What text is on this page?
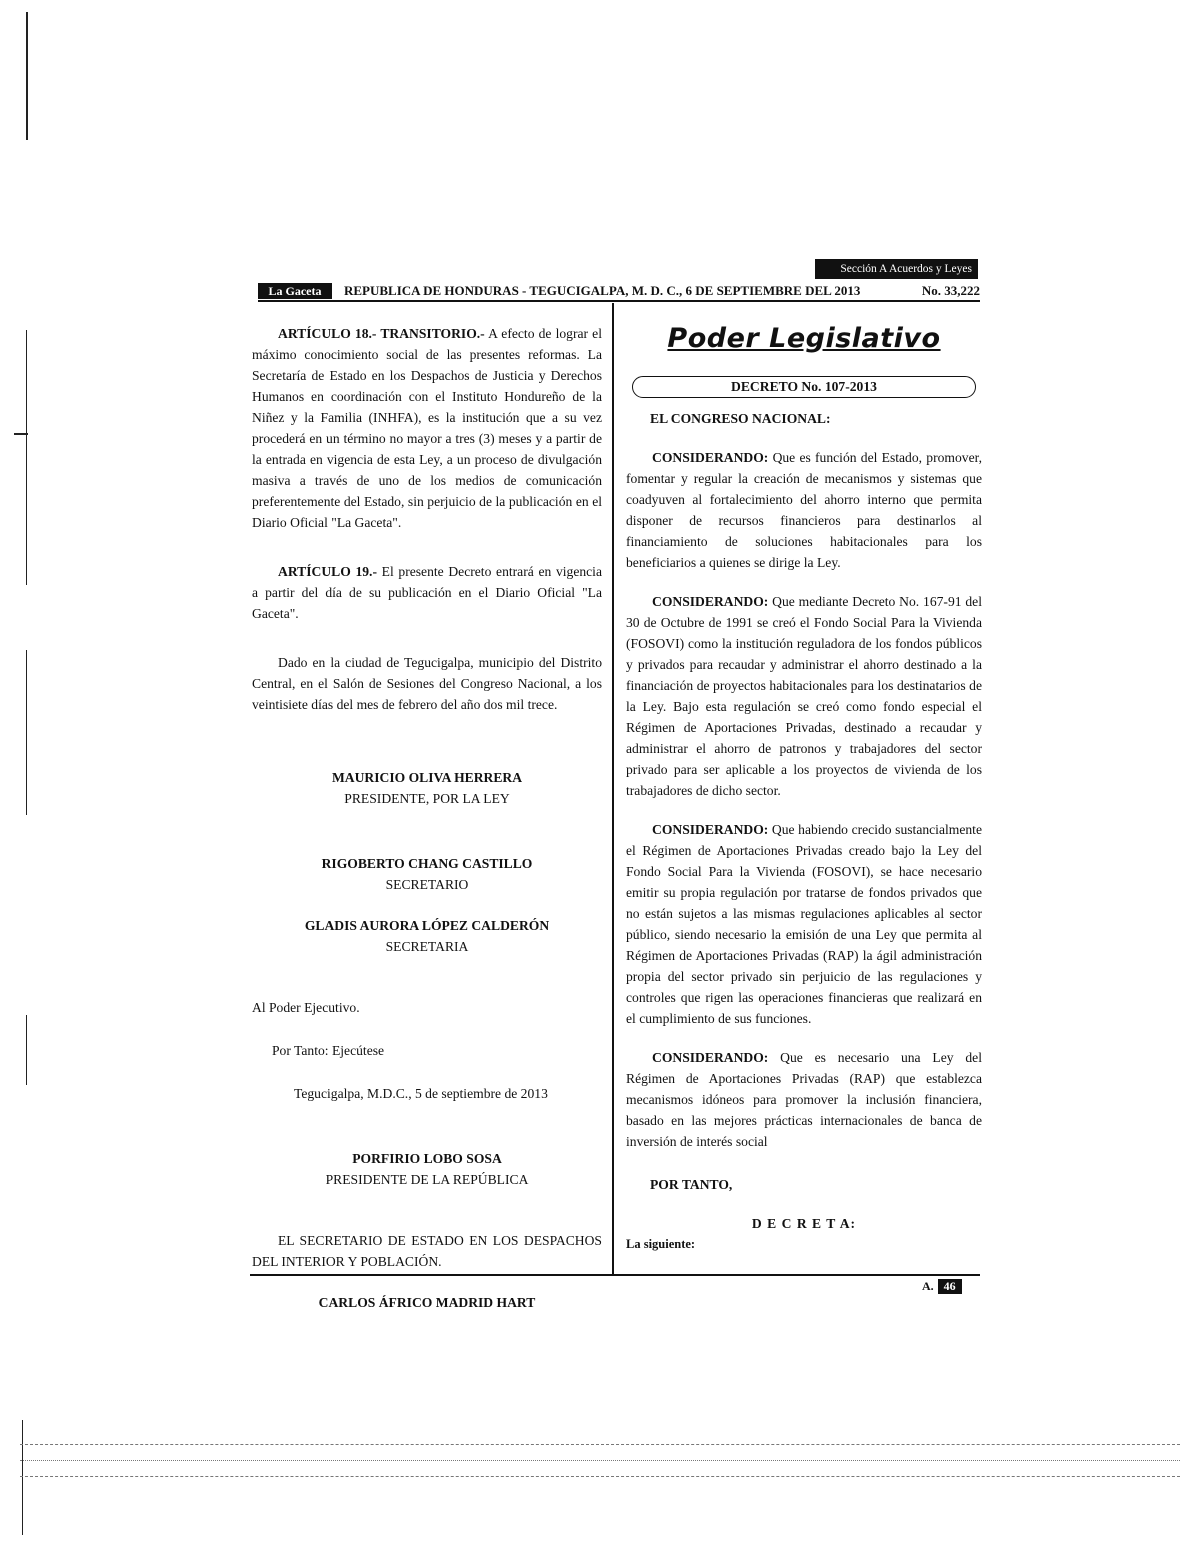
Sección A Acuerdos y Leyes
La Gaceta	REPUBLICA DE HONDURAS - TEGUCIGALPA, M. D. C., 6 DE SEPTIEMBRE DEL 2013	No. 33,222

ARTÍCULO 18.- TRANSITORIO.- A efecto de lograr el máximo conocimiento social de las presentes reformas. La Secretaría de Estado en los Despachos de Justicia y Derechos Humanos en coordinación con el Instituto Hondureño de la Niñez y la Familia (INHFA), es la institución que a su vez procederá en un término no mayor a tres (3) meses y a partir de la entrada en vigencia de esta Ley, a un proceso de divulgación masiva a través de uno de los medios de comunicación preferentemente del Estado, sin perjuicio de la publicación en el Diario Oficial "La Gaceta".

ARTÍCULO 19.- El presente Decreto entrará en vigencia a partir del día de su publicación en el Diario Oficial "La Gaceta".

Dado en la ciudad de Tegucigalpa, municipio del Distrito Central, en el Salón de Sesiones del Congreso Nacional, a los veintisiete días del mes de febrero del año dos mil trece.

MAURICIO OLIVA HERRERA

PRESIDENTE, POR LA LEY

RIGOBERTO CHANG CASTILLO

SECRETARIO

GLADIS AURORA LÓPEZ CALDERÓN

SECRETARIA

Al Poder Ejecutivo.

Por Tanto: Ejecútese

Tegucigalpa, M.D.C., 5 de septiembre de 2013

PORFIRIO LOBO SOSA

PRESIDENTE DE LA REPÚBLICA

EL SECRETARIO DE ESTADO EN LOS DESPACHOS DEL INTERIOR Y POBLACIÓN.

CARLOS ÁFRICO MADRID HART

Poder Legislativo
DECRETO No. 107-2013

EL CONGRESO NACIONAL:

CONSIDERANDO: Que es función del Estado, promover, fomentar y regular la creación de mecanismos y sistemas que coadyuven al fortalecimiento del ahorro interno que permita disponer de recursos financieros para destinarlos al financiamiento de soluciones habitacionales para los beneficiarios a quienes se dirige la Ley.

CONSIDERANDO: Que mediante Decreto No. 167-91 del 30 de Octubre de 1991 se creó el Fondo Social Para la Vivienda (FOSOVI) como la institución reguladora de los fondos públicos y privados para recaudar y administrar el ahorro destinado a la financiación de proyectos habitacionales para los destinatarios de la Ley. Bajo esta regulación se creó como fondo especial el Régimen de Aportaciones Privadas, destinado a recaudar y administrar el ahorro de patronos y trabajadores del sector privado para ser aplicable a los proyectos de vivienda de los trabajadores de dicho sector.

CONSIDERANDO: Que habiendo crecido sustancialmente el Régimen de Aportaciones Privadas creado bajo la Ley del Fondo Social Para la Vivienda (FOSOVI), se hace necesario emitir su propia regulación por tratarse de fondos privados que no están sujetos a las mismas regulaciones aplicables al sector público, siendo necesario la emisión de una Ley que permita al Régimen de Aportaciones Privadas (RAP) la ágil administración propia del sector privado sin perjuicio de las regulaciones y controles que rigen las operaciones financieras que realizará en el cumplimiento de sus funciones.

CONSIDERANDO: Que es necesario una Ley del Régimen de Aportaciones Privadas (RAP) que establezca mecanismos idóneos para promover la inclusión financiera, basado en las mejores prácticas internacionales de banca de inversión de interés social

POR TANTO,

D E C R E T A:

La siguiente:

A. 46
